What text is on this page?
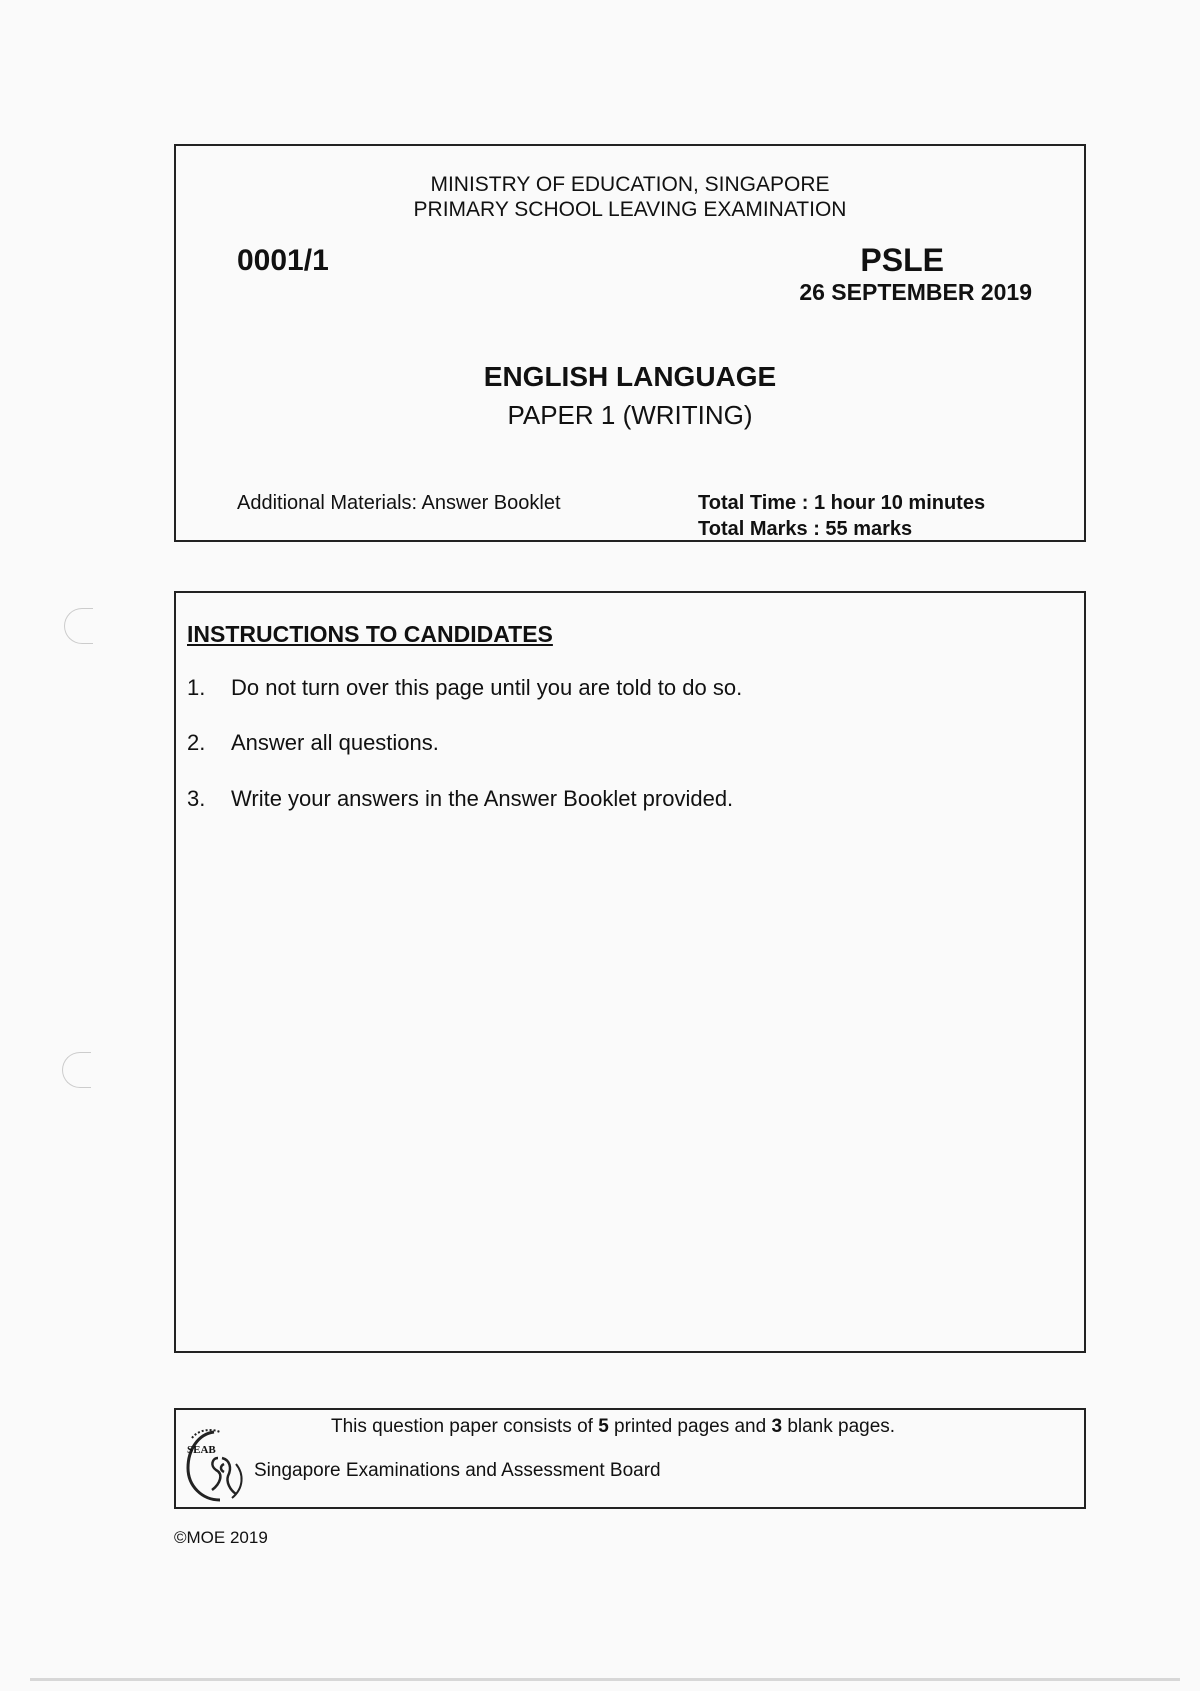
MINISTRY OF EDUCATION, SINGAPORE
PRIMARY SCHOOL LEAVING EXAMINATION
0001/1	PSLE
26 SEPTEMBER 2019
ENGLISH LANGUAGE
PAPER 1 (WRITING)
Additional Materials: Answer Booklet	Total Time : 1 hour 10 minutes
Total Marks : 55 marks
INSTRUCTIONS TO CANDIDATES
1. Do not turn over this page until you are told to do so.
2. Answer all questions.
3. Write your answers in the Answer Booklet provided.
This question paper consists of 5 printed pages and 3 blank pages.
SEAB
Singapore Examinations and Assessment Board
©MOE 2019
